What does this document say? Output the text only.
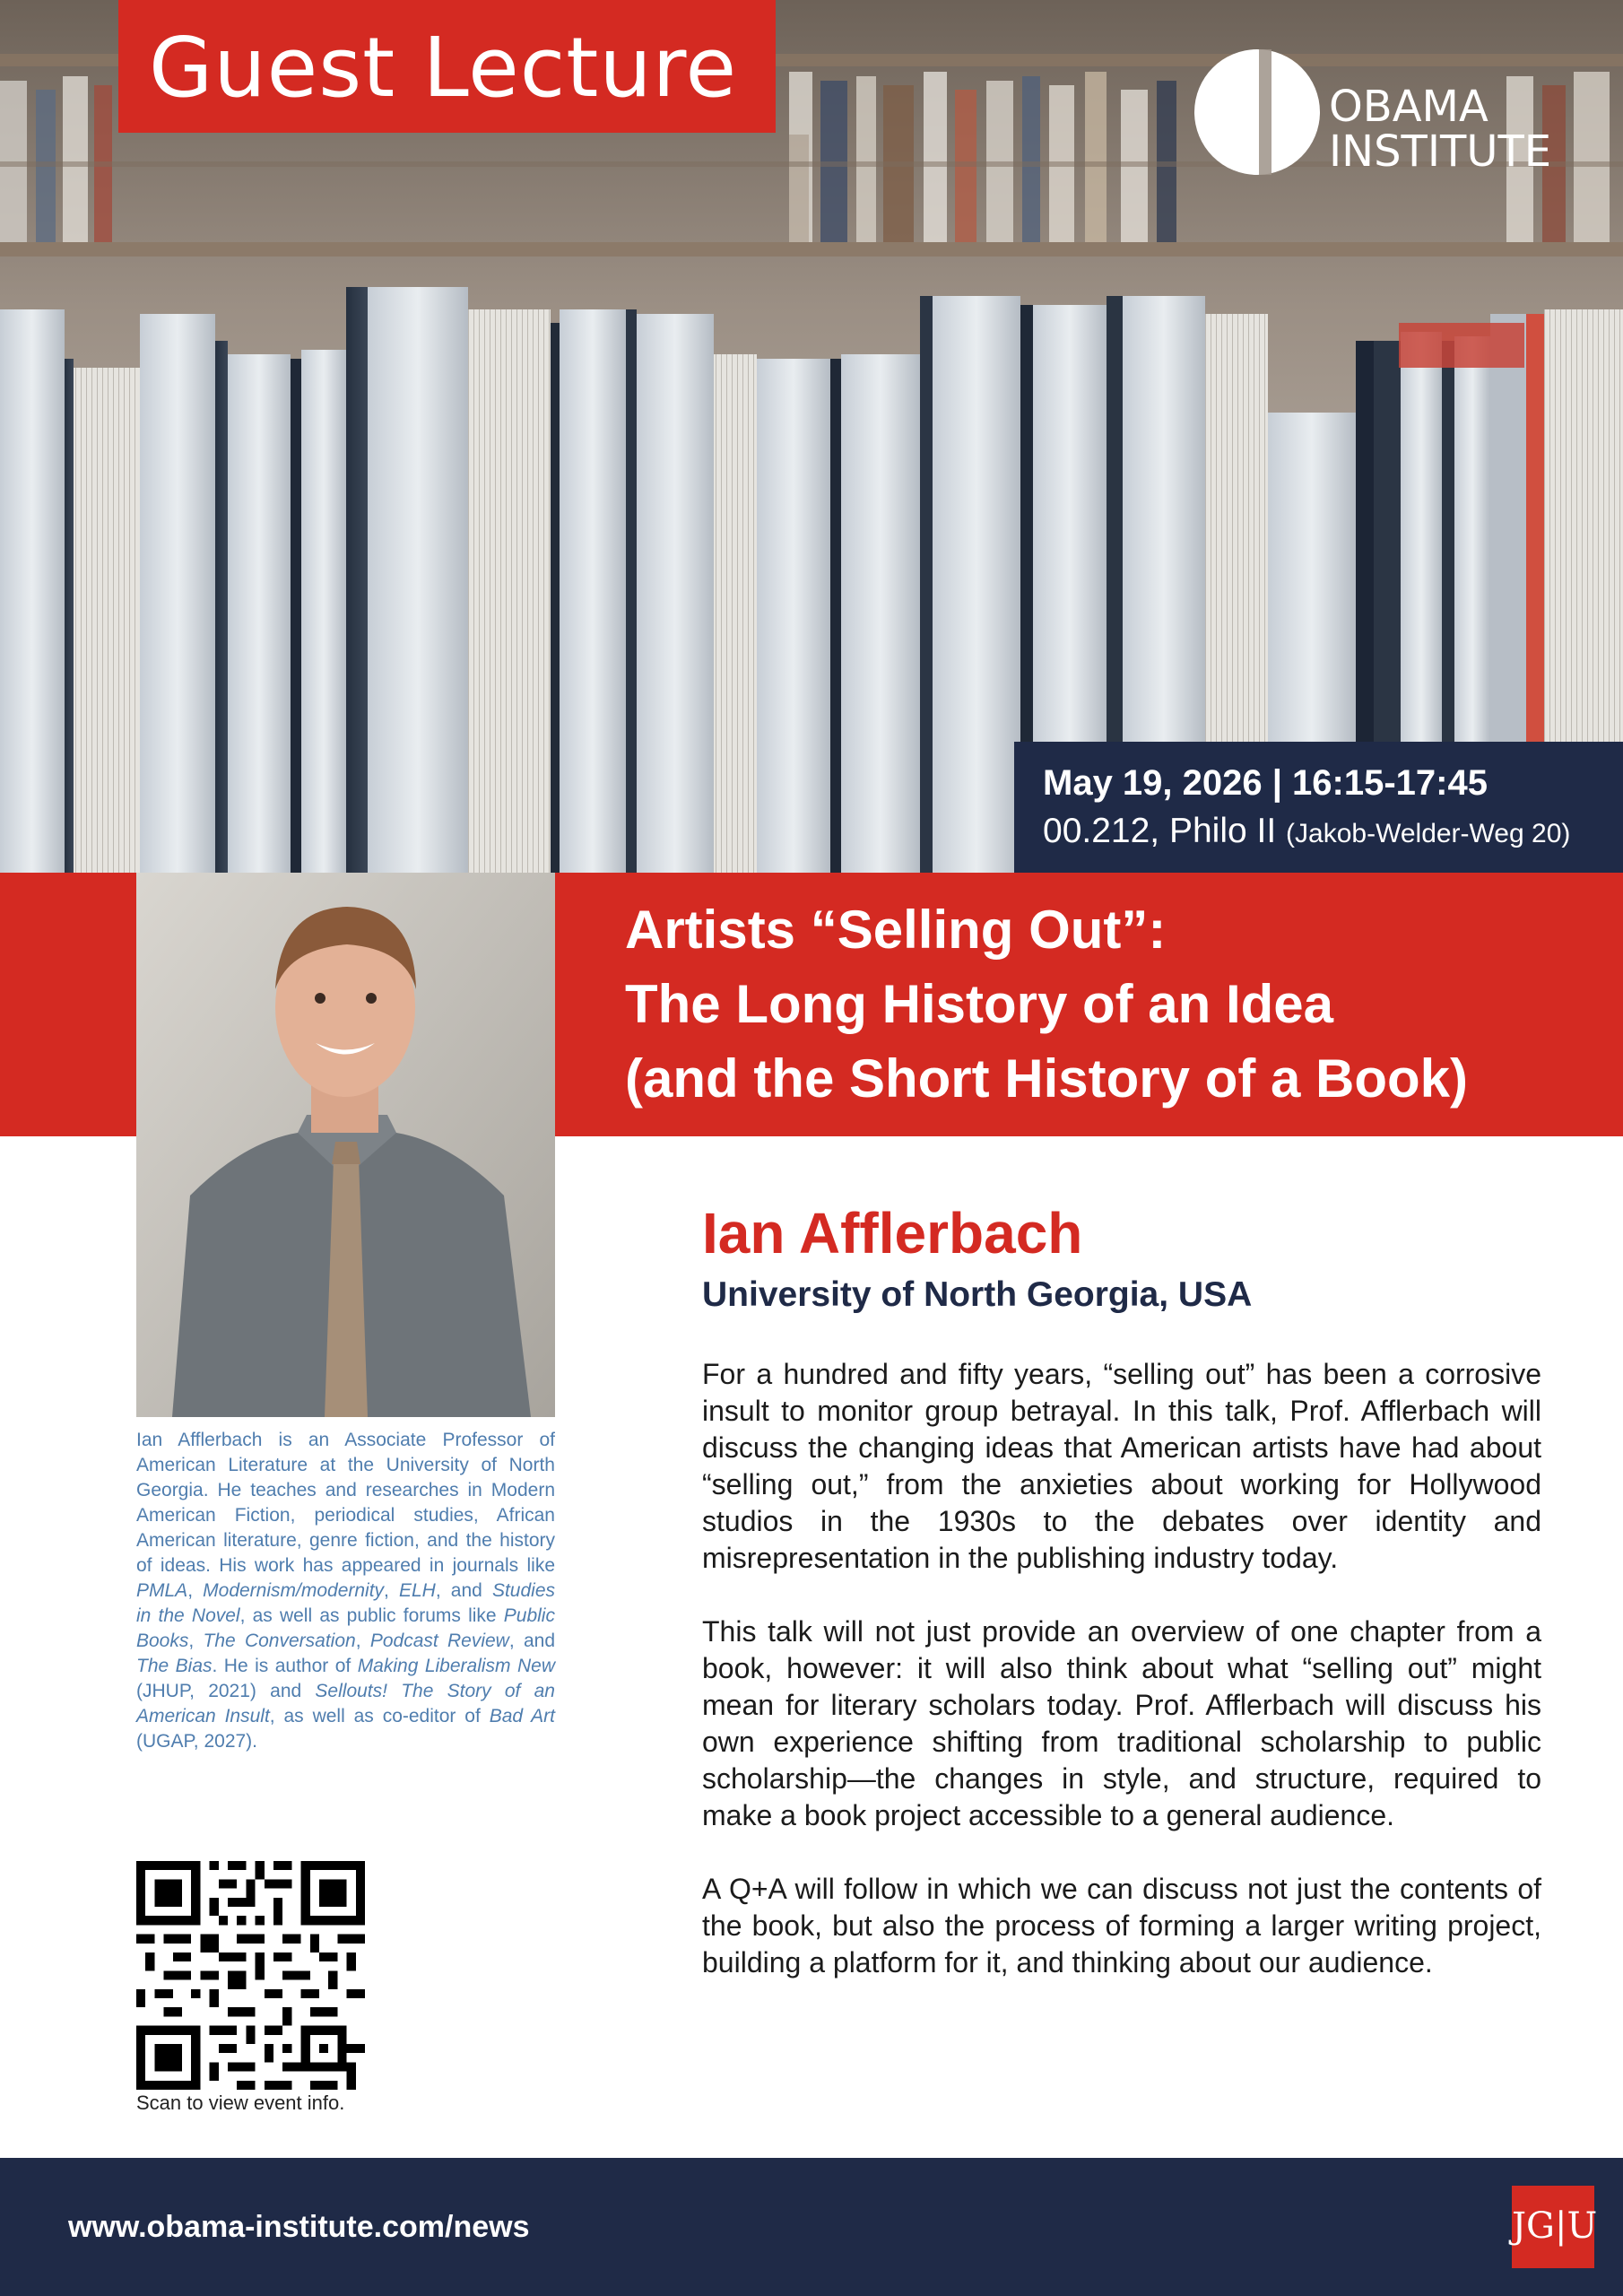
Guest Lecture	OBAMA
INSTITUTE
May 19, 2026 | 16:15-17:45
00.212, Philo II (Jakob-Welder-Weg 20)
Artists “Selling Out”:
The Long History of an Idea
(and the Short History of a Book)
Ian Afflerbach is an Associate Professor of American Literature at the University of North Georgia. He teaches and researches in Modern American Fiction, periodical studies, African American literature, genre fiction, and the history of ideas. His work has appeared in journals like PMLA, Modernism/modernity, ELH, and Studies in the Novel, as well as public forums like Public Books, The Conversation, Podcast Review, and The Bias. He is author of Making Liberalism New (JHUP, 2021) and Sellouts! The Story of an American Insult, as well as co-editor of Bad Art (UGAP, 2027).
Scan to view event info.
Ian Afflerbach
University of North Georgia, USA

For a hundred and fifty years, “selling out” has been a corrosive insult to monitor group betrayal. In this talk, Prof. Afflerbach will discuss the changing ideas that American artists have had about “selling out,” from the anxieties about working for Hollywood studios in the 1930s to the debates over identity and misrepresentation in the publishing industry today.

This talk will not just provide an overview of one chapter from a book, however: it will also think about what “selling out” might mean for literary scholars today. Prof. Afflerbach will discuss his own experience shifting from traditional scholarship to public scholarship—the changes in style, and structure, required to make a book project accessible to a general audience.

A Q+A will follow in which we can discuss not just the contents of the book, but also the process of forming a larger writing project, building a platform for it, and thinking about our audience.

www.obama-institute.com/news	JG|U
